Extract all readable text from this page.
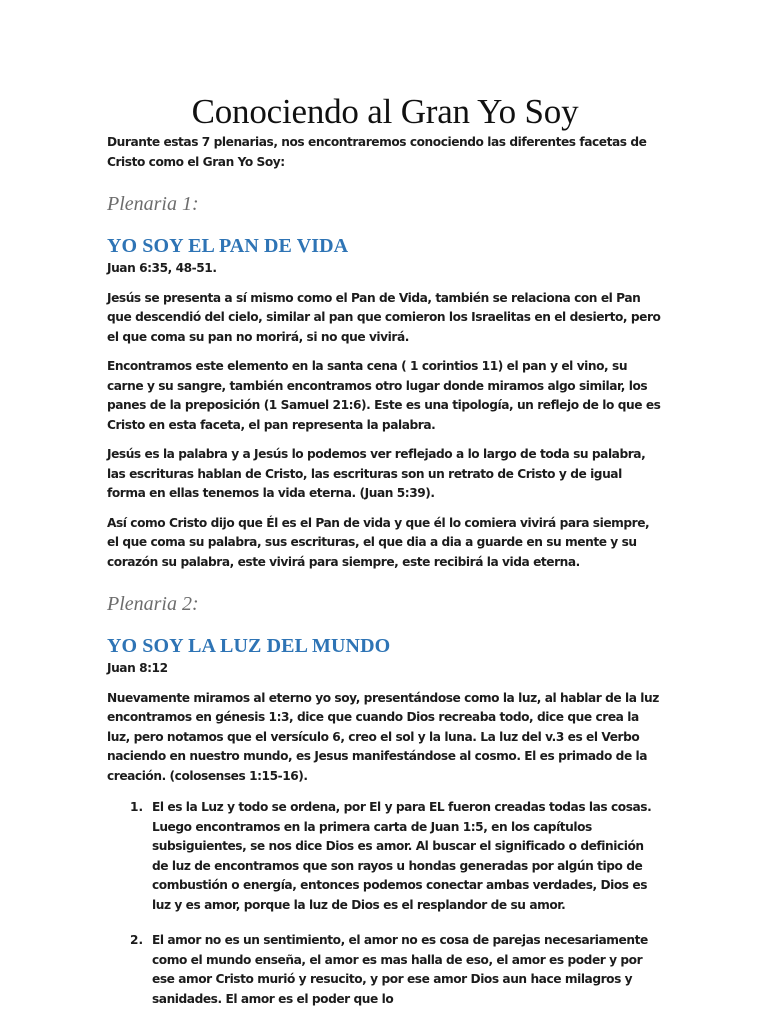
Conociendo al Gran Yo Soy

Durante estas 7 plenarias, nos encontraremos conociendo las diferentes facetas de Cristo como el Gran Yo Soy:

Plenaria 1:

YO SOY EL PAN DE VIDA

Juan 6:35, 48-51.

Jesús se presenta a sí mismo como el Pan de Vida, también se relaciona con el Pan que descendió del cielo, similar al pan que comieron los Israelitas en el desierto, pero el que coma su pan no morirá, si no que vivirá.

Encontramos este elemento en la santa cena ( 1 corintios 11) el pan y el vino, su carne y su sangre, también encontramos otro lugar donde miramos algo similar, los panes de la preposición (1 Samuel 21:6). Este es una tipología, un reflejo de lo que es Cristo en esta faceta, el pan representa la palabra.

Jesús es la palabra y a Jesús lo podemos ver reflejado a lo largo de toda su palabra, las escrituras hablan de Cristo, las escrituras son un retrato de Cristo y de igual forma en ellas tenemos la vida eterna. (Juan 5:39).

Así como Cristo dijo que Él es el Pan de vida y que él lo comiera vivirá para siempre, el que coma su palabra, sus escrituras, el que dia a dia a guarde en su mente y su corazón su palabra, este vivirá para siempre, este recibirá la vida eterna.

Plenaria 2:

YO SOY LA LUZ DEL MUNDO

Juan 8:12

Nuevamente miramos al eterno yo soy, presentándose como la luz, al hablar de la luz encontramos en génesis 1:3, dice que cuando Dios recreaba todo, dice que crea la luz, pero notamos que el versículo 6, creo el sol y la luna. La luz del v.3 es el Verbo naciendo en nuestro mundo, es Jesus manifestándose al cosmo. El es primado de la creación. (colosenses 1:15-16).

1. El es la Luz y todo se ordena, por El y para EL fueron creadas todas las cosas. Luego encontramos en la primera carta de Juan 1:5, en los capítulos subsiguientes, se nos dice Dios es amor. Al buscar el significado o definición de luz de encontramos que son rayos u hondas generadas por algún tipo de combustión o energía, entonces podemos conectar ambas verdades, Dios es luz y es amor, porque la luz de Dios es el resplandor de su amor.

2. El amor no es un sentimiento, el amor no es cosa de parejas necesariamente como el mundo enseña, el amor es mas halla de eso, el amor es poder y por ese amor Cristo murió y resucito, y por ese amor Dios aun hace milagros y sanidades. El amor es el poder que lo
